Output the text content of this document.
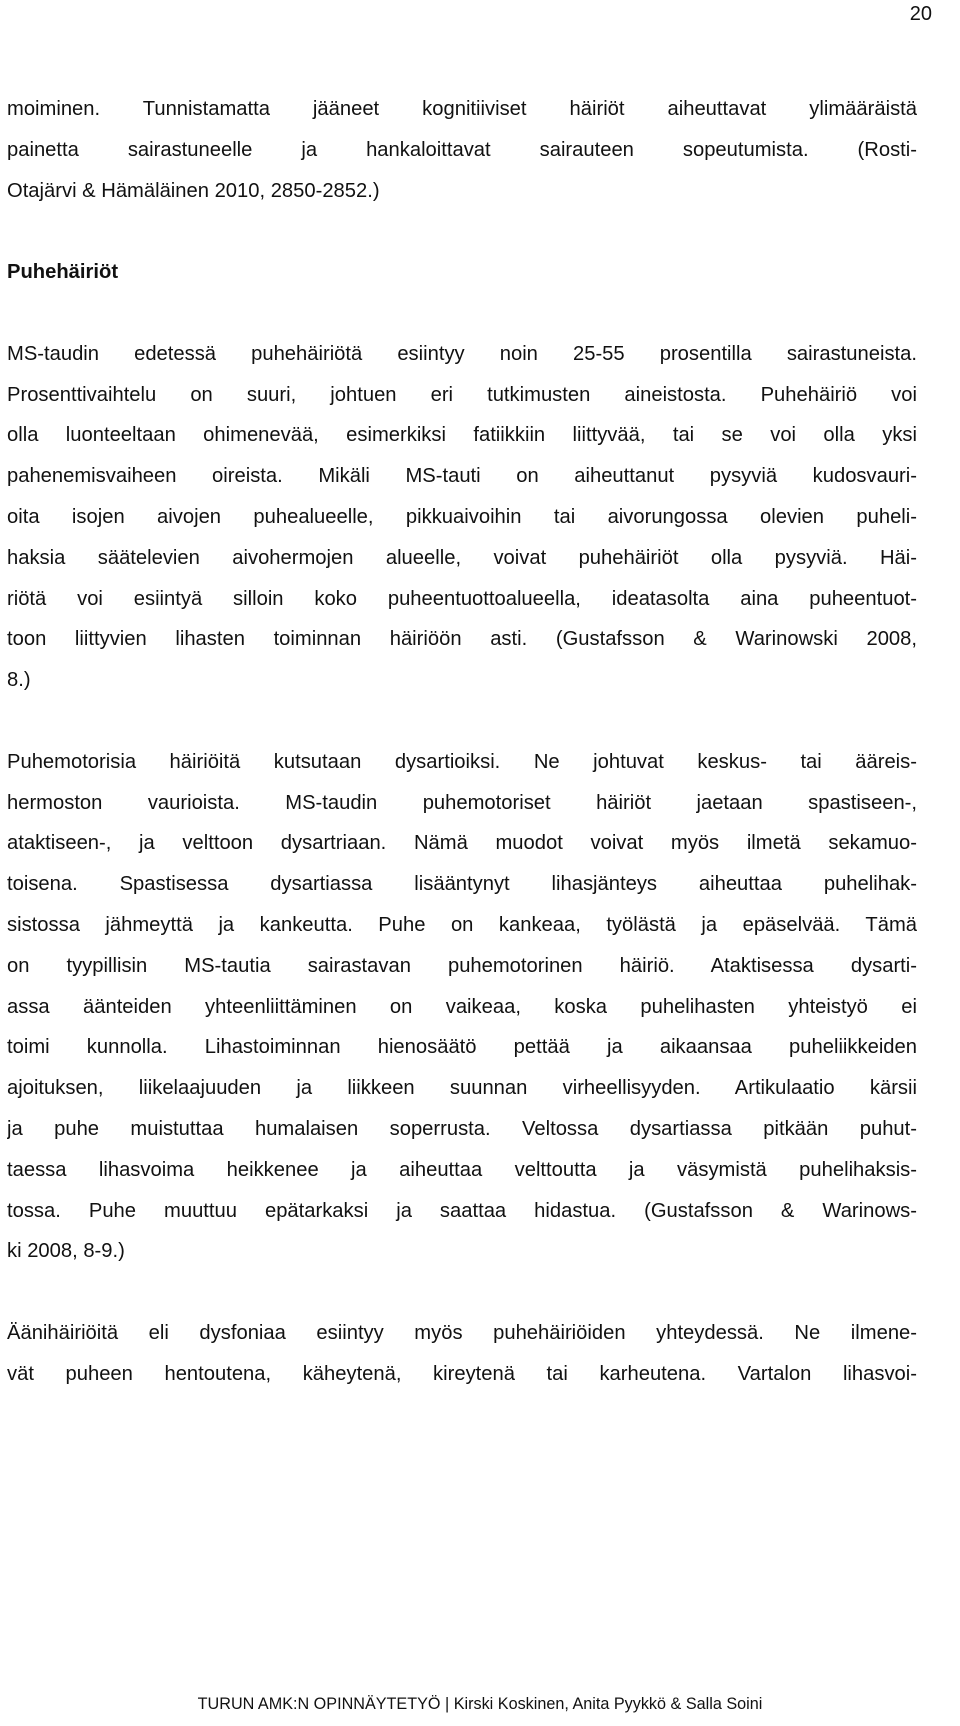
20
moiminen. Tunnistamatta jääneet kognitiiviset häiriöt aiheuttavat ylimääräistä
painetta sairastuneelle ja hankaloittavat sairauteen sopeutumista. (Rosti-
Otajärvi & Hämäläinen 2010, 2850-2852.)
Puhehäiriöt
MS-taudin edetessä puhehäiriötä esiintyy noin 25-55 prosentilla sairastuneista.
Prosenttivaihtelu on suuri, johtuen eri tutkimusten aineistosta. Puhehäiriö voi
olla luonteeltaan ohimenevää, esimerkiksi fatiikkiin liittyvää, tai se voi olla yksi
pahenemisvaiheen oireista. Mikäli MS-tauti on aiheuttanut pysyviä kudosvauri-
oita isojen aivojen puhealueelle, pikkuaivoihin tai aivorungossa olevien puheli-
haksia säätelevien aivohermojen alueelle, voivat puhehäiriöt olla pysyviä. Häi-
riötä voi esiintyä silloin koko puheentuottoalueella, ideatasolta aina puheentuot-
toon liittyvien lihasten toiminnan häiriöön asti. (Gustafsson & Warinowski 2008,
8.)
Puhemotorisia häiriöitä kutsutaan dysartioiksi. Ne johtuvat keskus- tai ääreis-
hermoston vaurioista. MS-taudin puhemotoriset häiriöt jaetaan spastiseen-,
ataktiseen-, ja velttoon dysartriaan. Nämä muodot voivat myös ilmetä sekamuo-
toisena. Spastisessa dysartiassa lisääntynyt lihasjänteys aiheuttaa puhelihak-
sistossa jähmeyttä ja kankeutta. Puhe on kankeaa, työlästä ja epäselvää. Tämä
on tyypillisin MS-tautia sairastavan puhemotorinen häiriö. Ataktisessa dysarti-
assa äänteiden yhteenliittäminen on vaikeaa, koska puhelihasten yhteistyö ei
toimi kunnolla. Lihastoiminnan hienosäätö pettää ja aikaansaa puheliikkeiden
ajoituksen, liikelaajuuden ja liikkeen suunnan virheellisyyden. Artikulaatio kärsii
ja puhe muistuttaa humalaisen soperrusta. Veltossa dysartiassa pitkään puhut-
taessa lihasvoima heikkenee ja aiheuttaa velttoutta ja väsymistä puhelihaksis-
tossa. Puhe muuttuu epätarkaksi ja saattaa hidastua. (Gustafsson & Warinows-
ki 2008, 8-9.)
Äänihäiriöitä eli dysfoniaa esiintyy myös puhehäiriöiden yhteydessä. Ne ilmene-
vät puheen hentoutena, käheytenä, kireytenä tai karheutena. Vartalon lihasvoi-
TURUN AMK:N OPINNÄYTETYÖ | Kirski Koskinen, Anita Pyykkö & Salla Soini
